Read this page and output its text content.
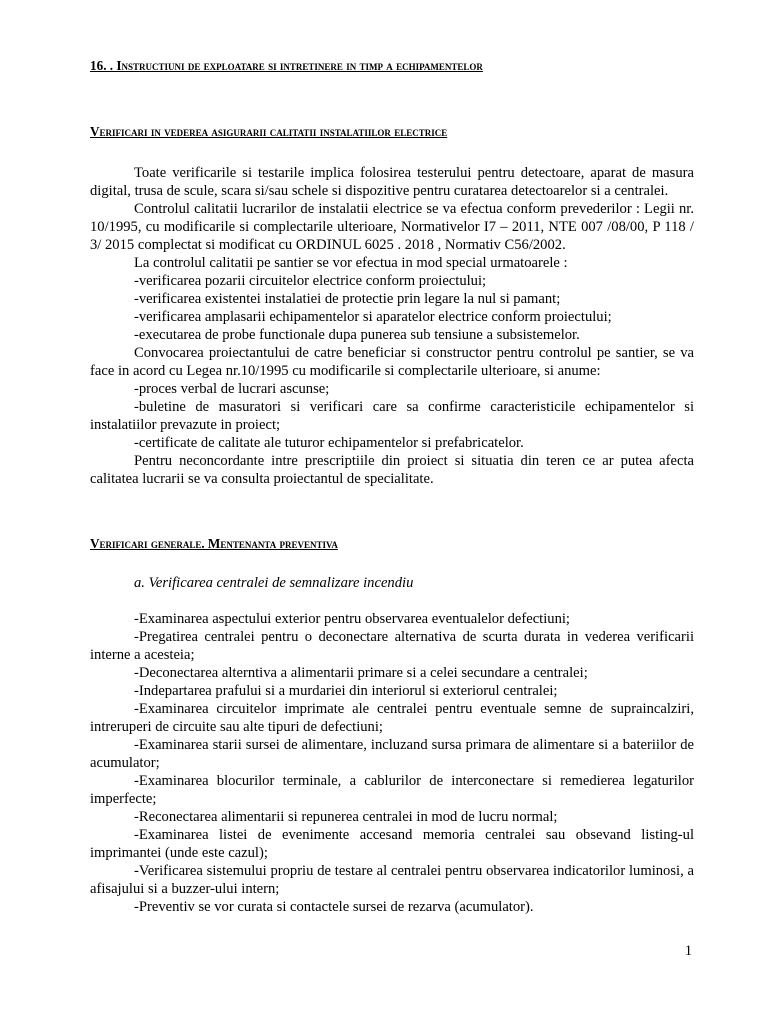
16. . Instructiuni de exploatare si intretinere in timp a echipamentelor
Verificari in vederea asigurarii calitatii instalatiilor electrice

Toate verificarile si testarile implica folosirea testerului pentru detectoare, aparat de masura digital, trusa de scule, scara si/sau schele si dispozitive pentru curatarea detectoarelor si a centralei.

Controlul calitatii lucrarilor de instalatii electrice se va efectua conform prevederilor : Legii nr. 10/1995, cu modificarile si complectarile ulterioare, Normativelor I7 – 2011, NTE 007 /08/00, P 118 / 3/ 2015 complectat si modificat cu ORDINUL 6025 . 2018 , Normativ C56/2002.

La controlul calitatii pe santier se vor efectua in mod special urmatoarele :

-verificarea pozarii circuitelor electrice conform proiectului;

-verificarea existentei instalatiei de protectie prin legare la nul si pamant;

-verificarea amplasarii echipamentelor si aparatelor electrice conform proiectului;

-executarea de probe functionale dupa punerea sub tensiune a subsistemelor.

Convocarea proiectantului de catre beneficiar si constructor pentru controlul pe santier, se va face in acord cu Legea nr.10/1995 cu modificarile si complectarile ulterioare, si anume:

-proces verbal de lucrari ascunse;

-buletine de masuratori si verificari care sa confirme caracteristicile echipamentelor si instalatiilor prevazute in proiect;

-certificate de calitate ale tuturor echipamentelor si prefabricatelor.

Pentru neconcordante intre prescriptiile din proiect si situatia din teren ce ar putea afecta calitatea lucrarii se va consulta proiectantul de specialitate.

Verificari generale. Mentenanta preventiva

a. Verificarea centralei de semnalizare incendiu

-Examinarea aspectului exterior pentru observarea eventualelor defectiuni;

-Pregatirea centralei pentru o deconectare alternativa de scurta durata in vederea verificarii interne a acesteia;

-Deconectarea alterntiva a alimentarii primare si a celei secundare a centralei;

-Indepartarea prafului si a murdariei din interiorul si exteriorul centralei;

-Examinarea circuitelor imprimate ale centralei pentru eventuale semne de supraincalziri, intreruperi de circuite sau alte tipuri de defectiuni;

-Examinarea starii sursei de alimentare, incluzand sursa primara de alimentare si a bateriilor de acumulator;

-Examinarea blocurilor terminale, a cablurilor de interconectare si remedierea legaturilor imperfecte;

-Reconectarea alimentarii si repunerea centralei in mod de lucru normal;

-Examinarea listei de evenimente accesand memoria centralei sau obsevand listing-ul imprimantei (unde este cazul);

-Verificarea sistemului propriu de testare al centralei pentru observarea indicatorilor luminosi, a afisajului si a buzzer-ului intern;

-Preventiv se vor curata si contactele sursei de rezarva (acumulator).

1
